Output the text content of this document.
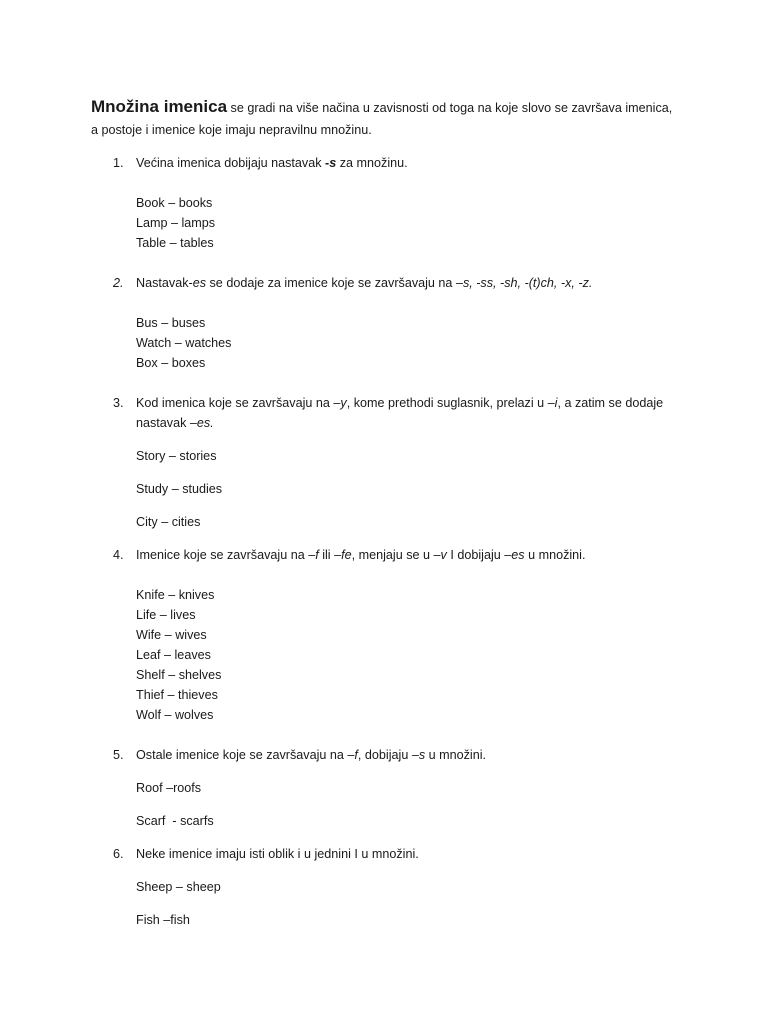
Množina imenica se gradi na više načina u zavisnosti od toga na koje slovo se završava imenica,
a postoje i imenice koje imaju nepravilnu množinu.
1. Većina imenica dobijaju nastavak -s za množinu.
Book – books
Lamp – lamps
Table – tables
2. Nastavak-es se dodaje za imenice koje se završavaju na –s, -ss, -sh, -(t)ch, -x, -z.
Bus – buses
Watch – watches
Box – boxes
3. Kod imenica koje se završavaju na –y, kome prethodi suglasnik, prelazi u –i, a zatim se dodaje
nastavak –es.
Story – stories
Study – studies
City – cities
4. Imenice koje se završavaju na –f ili –fe, menjaju se u –v I dobijaju –es u množini.
Knife – knives
Life – lives
Wife – wives
Leaf – leaves
Shelf – shelves
Thief – thieves
Wolf – wolves
5. Ostale imenice koje se završavaju na –f, dobijaju –s u množini.
Roof –roofs
Scarf  - scarfs
6. Neke imenice imaju isti oblik i u jednini I u množini.
Sheep – sheep
Fish –fish
